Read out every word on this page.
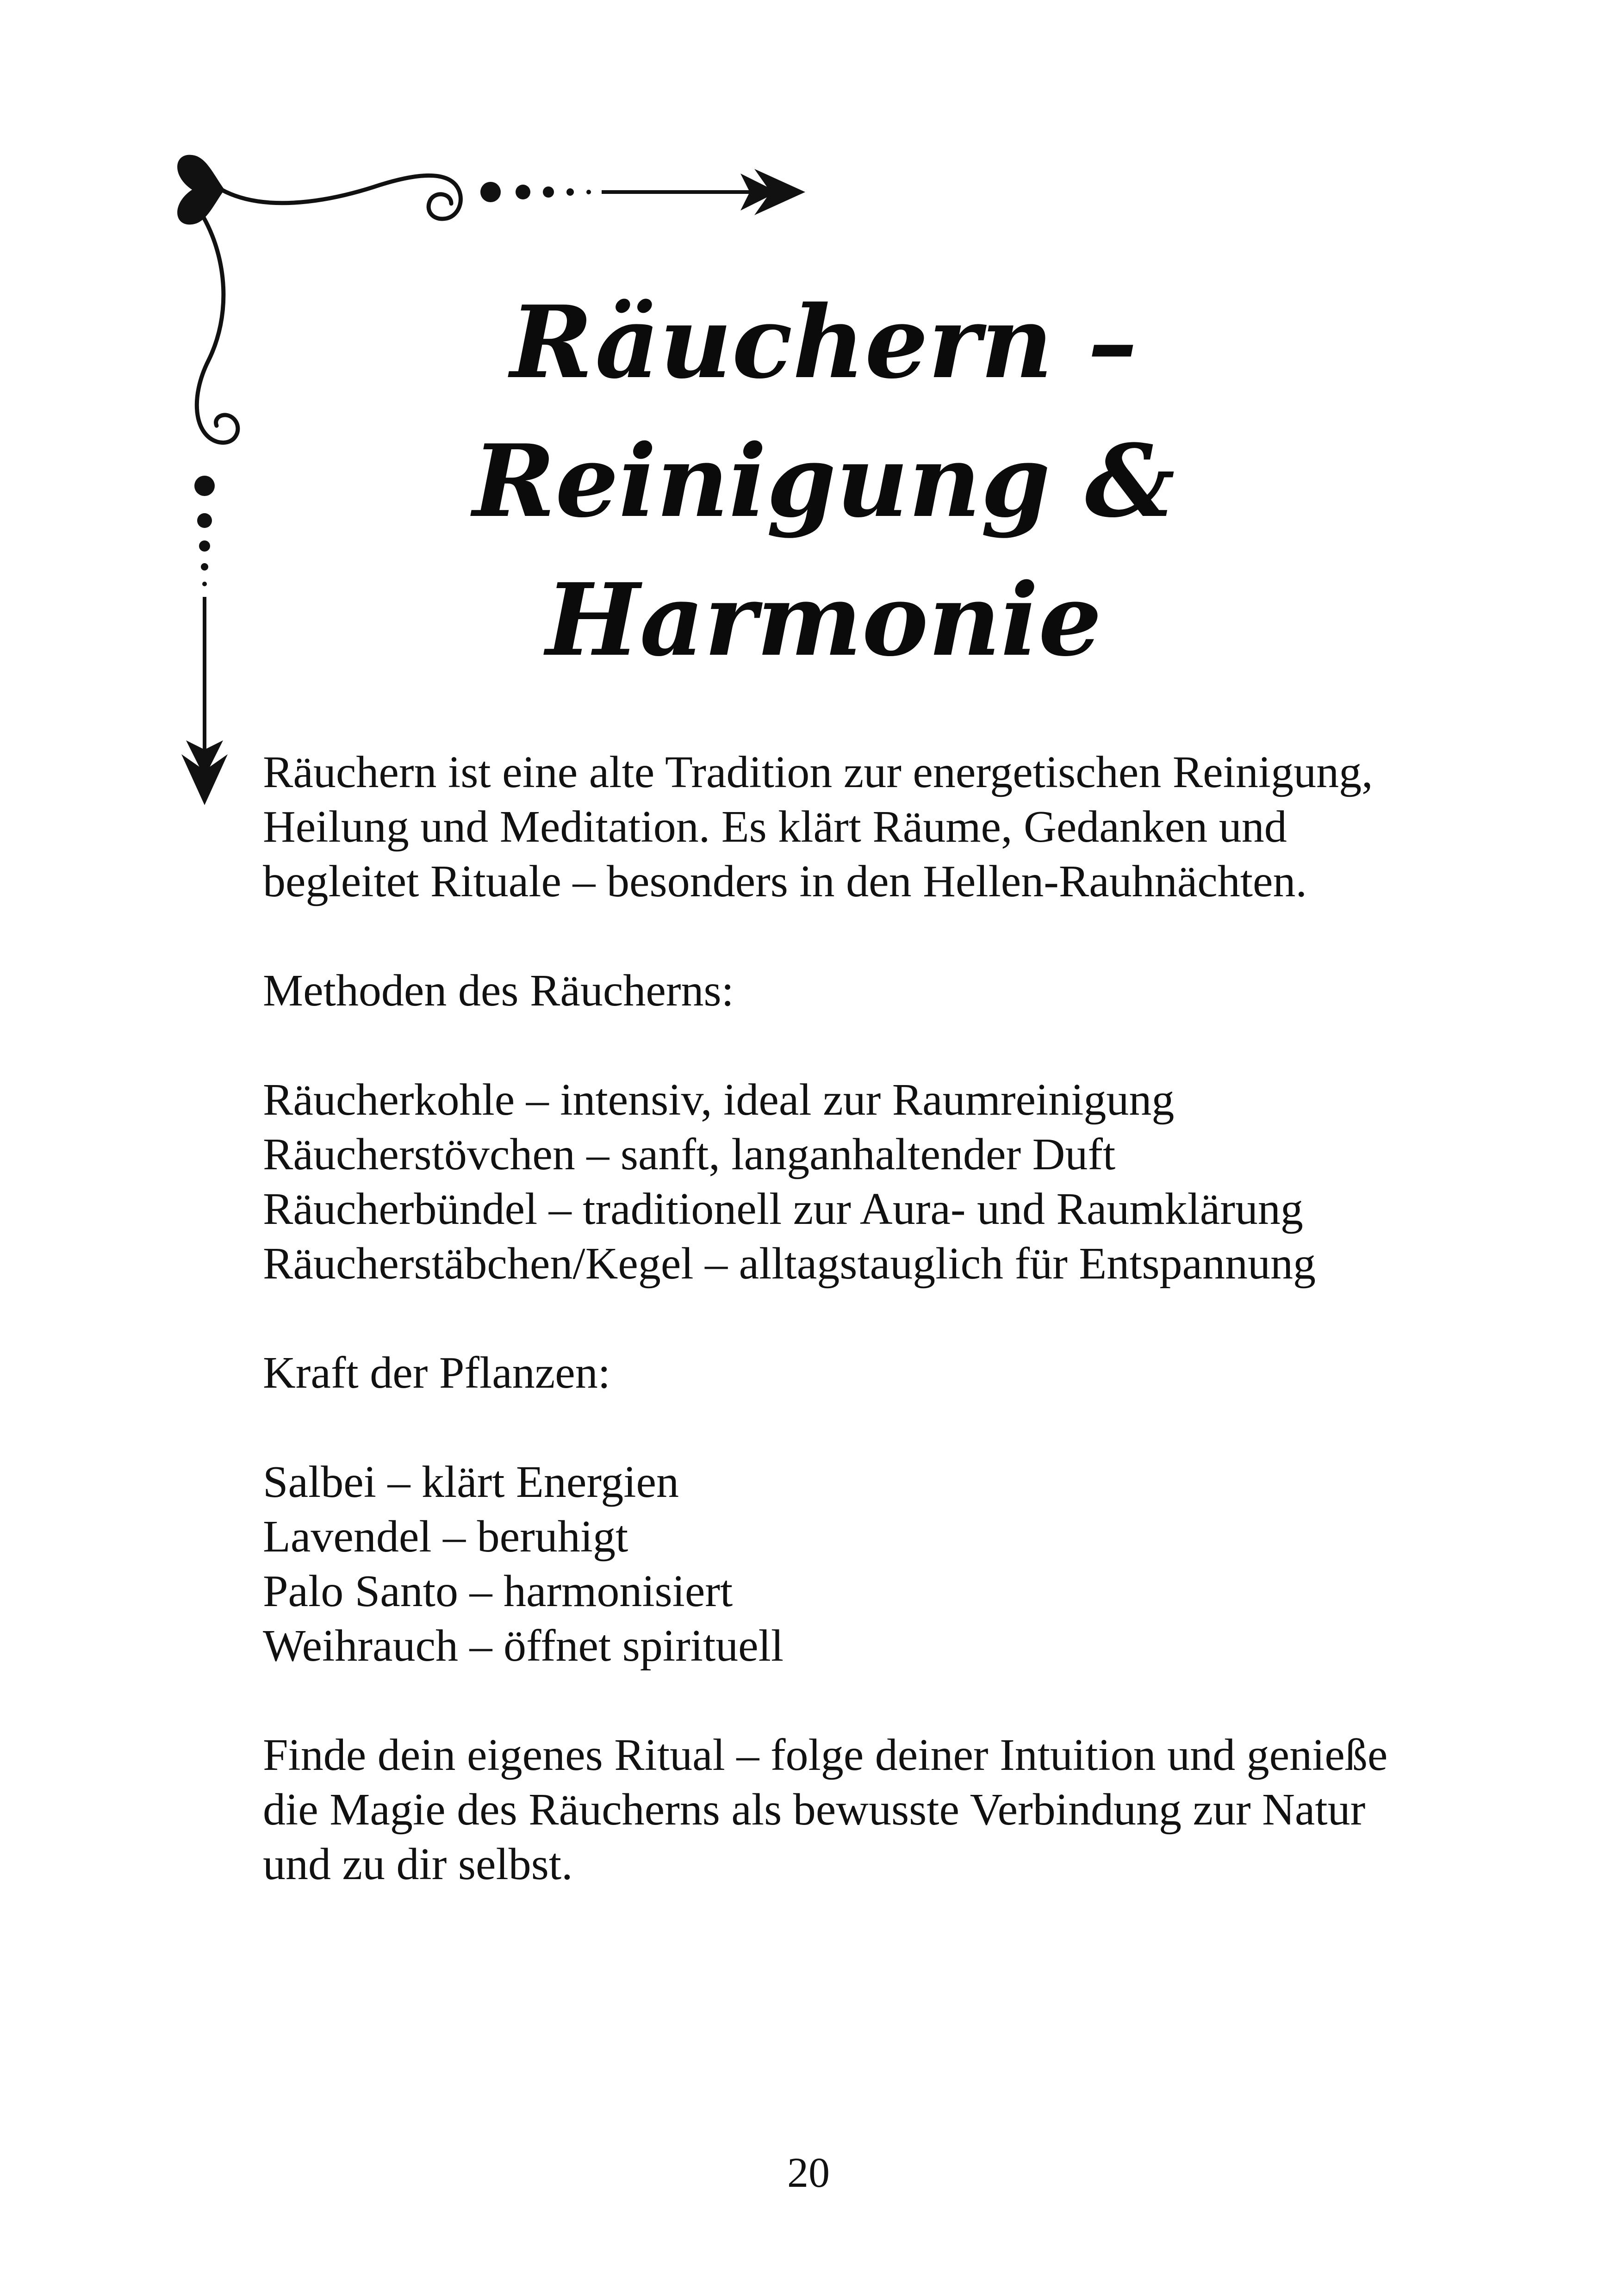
Räuchern –
Reinigung &
Harmonie

Räuchern ist eine alte Tradition zur energetischen Reinigung,

Heilung und Meditation. Es klärt Räume, Gedanken und

begleitet Rituale – besonders in den Hellen-Rauhnächten.

Methoden des Räucherns:

Räucherkohle – intensiv, ideal zur Raumreinigung

Räucherstövchen – sanft, langanhaltender Duft

Räucherbündel – traditionell zur Aura- und Raumklärung

Räucherstäbchen/Kegel – alltagstauglich für Entspannung

Kraft der Pflanzen:

Salbei – klärt Energien

Lavendel – beruhigt

Palo Santo – harmonisiert

Weihrauch – öffnet spirituell

Finde dein eigenes Ritual – folge deiner Intuition und genieße

die Magie des Räucherns als bewusste Verbindung zur Natur

und zu dir selbst.

20
